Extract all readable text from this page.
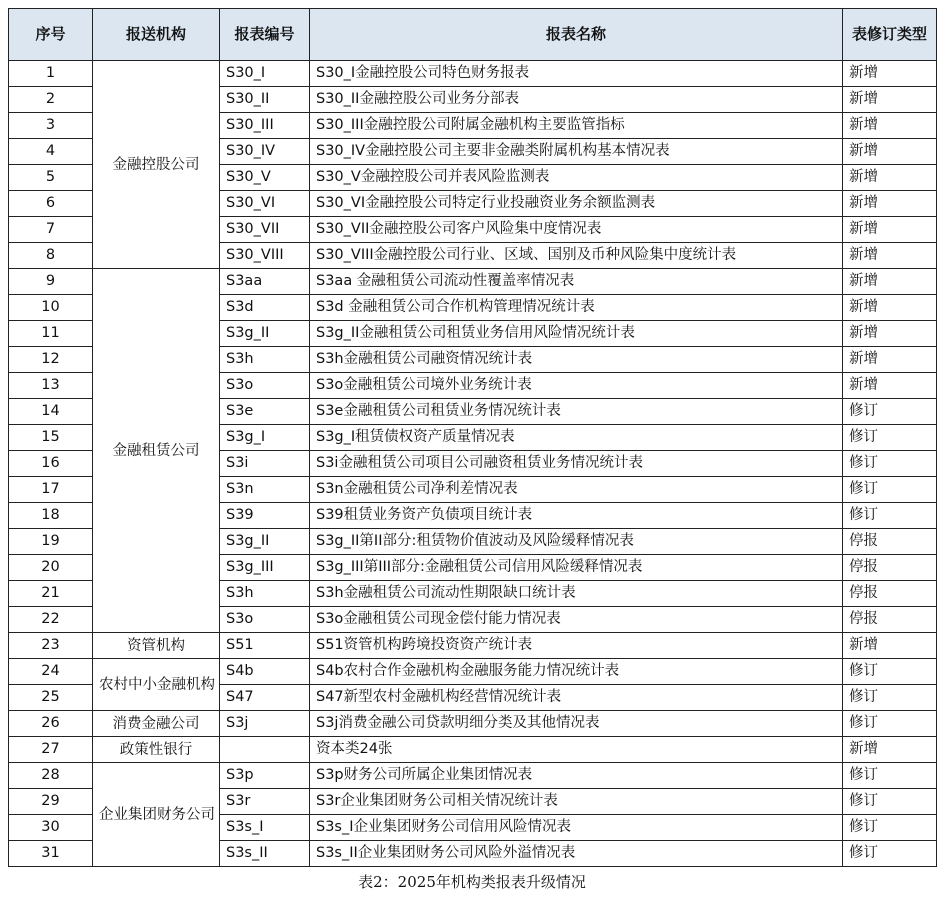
序号	报送机构	报表编号	报表名称	表修订类型
1	金融控股公司	S30_I	S30_I金融控股公司特色财务报表	新增
2		S30_II	S30_II金融控股公司业务分部表	新增
3		S30_III	S30_III金融控股公司附属金融机构主要监管指标	新增
4		S30_IV	S30_IV金融控股公司主要非金融类附属机构基本情况表	新增
5		S30_V	S30_V金融控股公司并表风险监测表	新增
6		S30_VI	S30_VI金融控股公司特定行业投融资业务余额监测表	新增
7		S30_VII	S30_VII金融控股公司客户风险集中度情况表	新增
8		S30_VIII	S30_VIII金融控股公司行业、区域、国别及币种风险集中度统计表	新增
9	金融租赁公司	S3aa	S3aa 金融租赁公司流动性覆盖率情况表	新增
10		S3d	S3d 金融租赁公司合作机构管理情况统计表	新增
11		S3g_II	S3g_II金融租赁公司租赁业务信用风险情况统计表	新增
12		S3h	S3h金融租赁公司融资情况统计表	新增
13		S3o	S3o金融租赁公司境外业务统计表	新增
14		S3e	S3e金融租赁公司租赁业务情况统计表	修订
15		S3g_I	S3g_I租赁债权资产质量情况表	修订
16		S3i	S3i金融租赁公司项目公司融资租赁业务情况统计表	修订
17		S3n	S3n金融租赁公司净利差情况表	修订
18		S39	S39租赁业务资产负债项目统计表	修订
19		S3g_II	S3g_II第II部分:租赁物价值波动及风险缓释情况表	停报
20		S3g_III	S3g_III第III部分:金融租赁公司信用风险缓释情况表	停报
21		S3h	S3h金融租赁公司流动性期限缺口统计表	停报
22		S3o	S3o金融租赁公司现金偿付能力情况表	停报
23	资管机构	S51	S51资管机构跨境投资资产统计表	新增
24	农村中小金融机构	S4b	S4b农村合作金融机构金融服务能力情况统计表	修订
25		S47	S47新型农村金融机构经营情况统计表	修订
26	消费金融公司	S3j	S3j消费金融公司贷款明细分类及其他情况表	修订
27	政策性银行		资本类24张	新增
28	企业集团财务公司	S3p	S3p财务公司所属企业集团情况表	修订
29		S3r	S3r企业集团财务公司相关情况统计表	修订
30		S3s_I	S3s_I企业集团财务公司信用风险情况表	修订
31		S3s_II	S3s_II企业集团财务公司风险外溢情况表	修订
表2：2025年机构类报表升级情况
